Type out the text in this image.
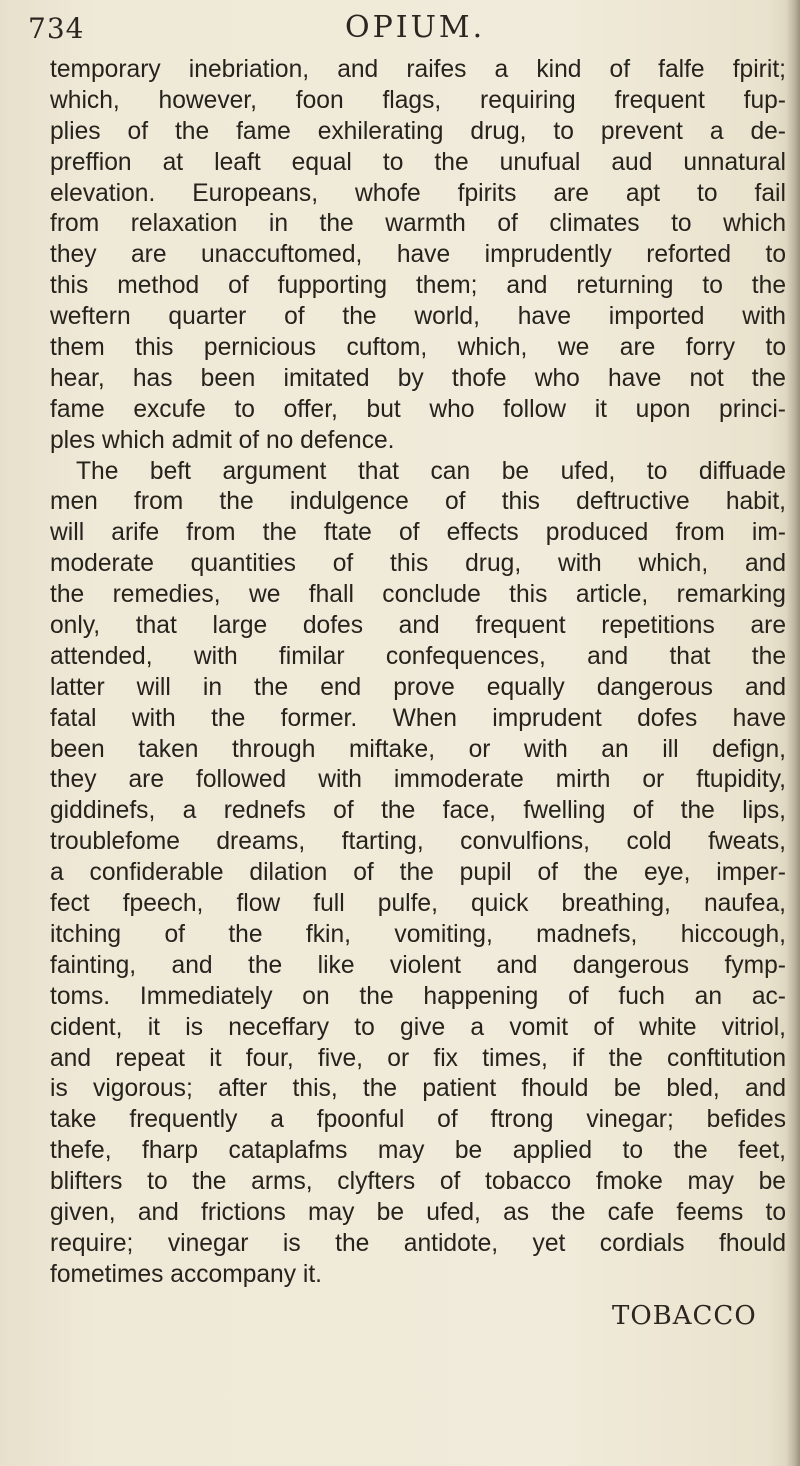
734	OPIUM.
temporary inebriation, and raifes a kind of falfe fpirit;
which, however, foon flags, requiring frequent fup-
plies of the fame exhilerating drug, to prevent a de-
preffion at leaft equal to the unufual aud unnatural
elevation. Europeans, whofe fpirits are apt to fail
from relaxation in the warmth of climates to which
they are unaccuftomed, have imprudently reforted to
this method of fupporting them; and returning to the
weftern quarter of the world, have imported with
them this pernicious cuftom, which, we are forry to
hear, has been imitated by thofe who have not the
fame excufe to offer, but who follow it upon princi-
ples which admit of no defence.
The beft argument that can be ufed, to diffuade
men from the indulgence of this deftructive habit,
will arife from the ftate of effects produced from im-
moderate quantities of this drug, with which, and
the remedies, we fhall conclude this article, remarking
only, that large dofes and frequent repetitions are
attended, with fimilar confequences, and that the
latter will in the end prove equally dangerous and
fatal with the former. When imprudent dofes have
been taken through miftake, or with an ill defign,
they are followed with immoderate mirth or ftupidity,
giddinefs, a rednefs of the face, fwelling of the lips,
troublefome dreams, ftarting, convulfions, cold fweats,
a confiderable dilation of the pupil of the eye, imper-
fect fpeech, flow full pulfe, quick breathing, naufea,
itching of the fkin, vomiting, madnefs, hiccough,
fainting, and the like violent and dangerous fymp-
toms. Immediately on the happening of fuch an ac-
cident, it is neceffary to give a vomit of white vitriol,
and repeat it four, five, or fix times, if the conftitution
is vigorous; after this, the patient fhould be bled, and
take frequently a fpoonful of ftrong vinegar; befides
thefe, fharp cataplafms may be applied to the feet,
blifters to the arms, clyfters of tobacco fmoke may be
given, and frictions may be ufed, as the cafe feems to
require; vinegar is the antidote, yet cordials fhould
fometimes accompany it.
TOBACCO
